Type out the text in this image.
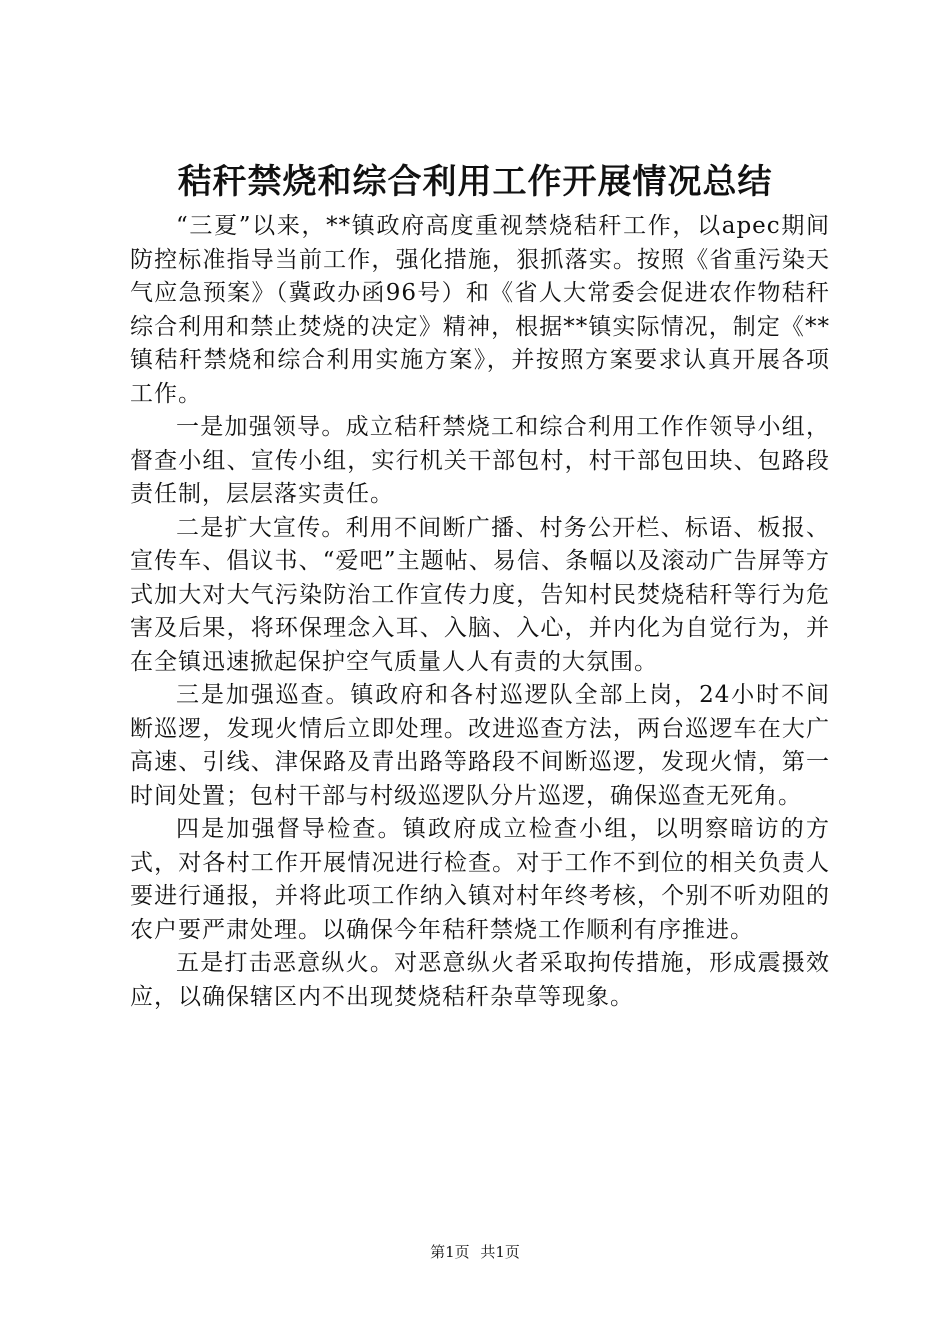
秸秆禁烧和综合利用工作开展情况总结

“三夏”以来，**镇政府高度重视禁烧秸秆工作，以apec期间防控标准指导当前工作，强化措施，狠抓落实。按照《省重污染天气应急预案》（冀政办函96号）和《省人大常委会促进农作物秸秆综合利用和禁止焚烧的决定》精神，根据**镇实际情况，制定《**镇秸秆禁烧和综合利用实施方案》，并按照方案要求认真开展各项工作。

一是加强领导。成立秸秆禁烧工和综合利用工作作领导小组，督查小组、宣传小组，实行机关干部包村，村干部包田块、包路段责任制，层层落实责任。

二是扩大宣传。利用不间断广播、村务公开栏、标语、板报、宣传车、倡议书、“爱吧”主题帖、易信、条幅以及滚动广告屏等方式加大对大气污染防治工作宣传力度，告知村民焚烧秸秆等行为危害及后果，将环保理念入耳、入脑、入心，并内化为自觉行为，并在全镇迅速掀起保护空气质量人人有责的大氛围。

三是加强巡查。镇政府和各村巡逻队全部上岗，24小时不间断巡逻，发现火情后立即处理。改进巡查方法，两台巡逻车在大广高速、引线、津保路及青出路等路段不间断巡逻，发现火情，第一时间处置；包村干部与村级巡逻队分片巡逻，确保巡查无死角。

四是加强督导检查。镇政府成立检查小组，以明察暗访的方式，对各村工作开展情况进行检查。对于工作不到位的相关负责人要进行通报，并将此项工作纳入镇对村年终考核，个别不听劝阻的农户要严肃处理。以确保今年秸秆禁烧工作顺利有序推进。

五是打击恶意纵火。对恶意纵火者采取拘传措施，形成震摄效应，以确保辖区内不出现焚烧秸秆杂草等现象。

第1页 共1页
